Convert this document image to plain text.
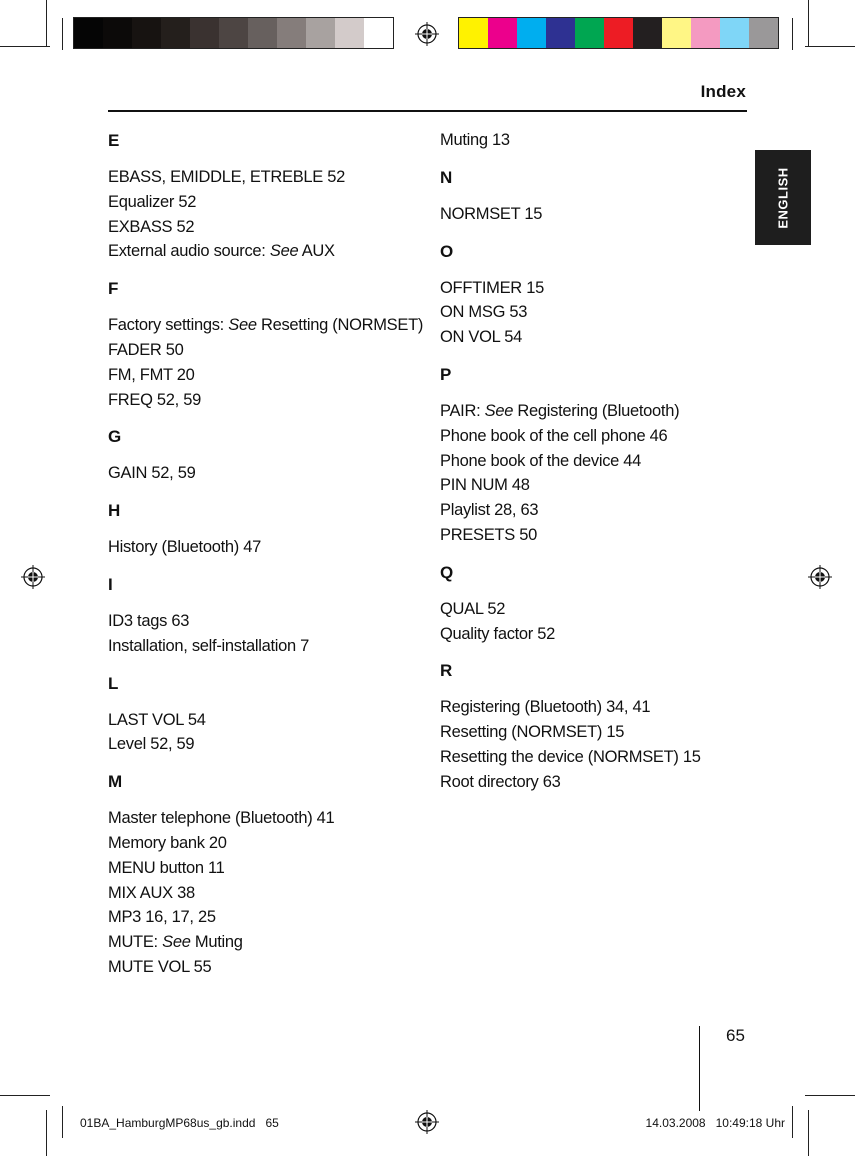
Index
ENGLISH
E
EBASS, EMIDDLE, ETREBLE 52
Equalizer 52
EXBASS 52
External audio source: See AUX
F
Factory settings: See Resetting (NORMSET)
FADER 50
FM, FMT 20
FREQ 52, 59
G
GAIN 52, 59
H
History (Bluetooth) 47
I
ID3 tags 63
Installation, self-installation 7
L
LAST VOL 54
Level 52, 59
M
Master telephone (Bluetooth) 41
Memory bank 20
MENU button 11
MIX AUX 38
MP3 16, 17, 25
MUTE: See Muting
MUTE VOL 55
Muting 13
N
NORMSET 15
O
OFFTIMER 15
ON MSG 53
ON VOL 54
P
PAIR: See Registering (Bluetooth)
Phone book of the cell phone 46
Phone book of the device 44
PIN NUM 48
Playlist 28, 63
PRESETS 50
Q
QUAL 52
Quality factor 52
R
Registering (Bluetooth) 34, 41
Resetting (NORMSET) 15
Resetting the device (NORMSET) 15
Root directory 63
65
01BA_HamburgMP68us_gb.indd   65	14.03.2008   10:49:18 Uhr
